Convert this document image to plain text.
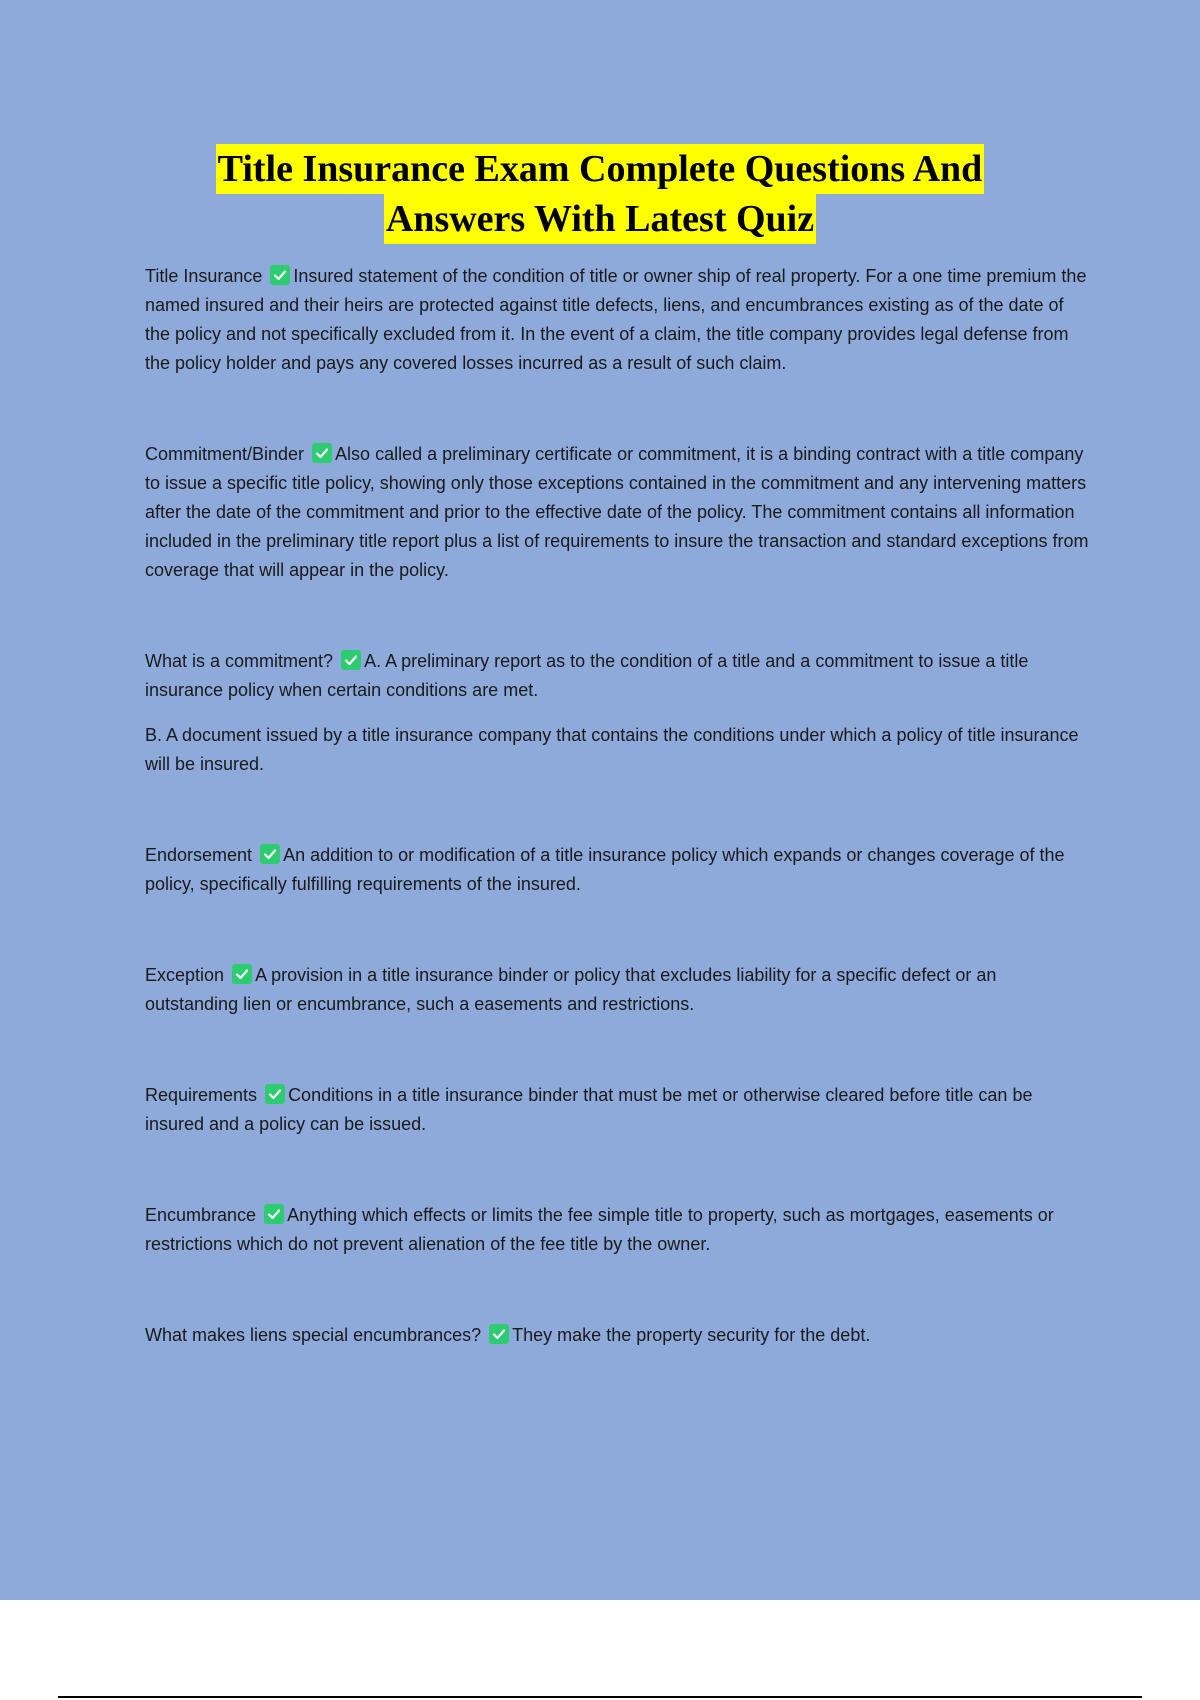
Title Insurance Exam Complete Questions And
Answers With Latest Quiz

Title Insurance Insured statement of the condition of title or owner ship of real property. For a one time premium the named insured and their heirs are protected against title defects, liens, and encumbrances existing as of the date of the policy and not specifically excluded from it. In the event of a claim, the title company provides legal defense from the policy holder and pays any covered losses incurred as a result of such claim.

Commitment/Binder Also called a preliminary certificate or commitment, it is a binding contract with a title company to issue a specific title policy, showing only those exceptions contained in the commitment and any intervening matters after the date of the commitment and prior to the effective date of the policy. The commitment contains all information included in the preliminary title report plus a list of requirements to insure the transaction and standard exceptions from coverage that will appear in the policy.

What is a commitment? A. A preliminary report as to the condition of a title and a commitment to issue a title insurance policy when certain conditions are met.

B. A document issued by a title insurance company that contains the conditions under which a policy of title insurance will be insured.

Endorsement An addition to or modification of a title insurance policy which expands or changes coverage of the policy, specifically fulfilling requirements of the insured.

Exception A provision in a title insurance binder or policy that excludes liability for a specific defect or an outstanding lien or encumbrance, such a easements and restrictions.

Requirements Conditions in a title insurance binder that must be met or otherwise cleared before title can be insured and a policy can be issued.

Encumbrance Anything which effects or limits the fee simple title to property, such as mortgages, easements or restrictions which do not prevent alienation of the fee title by the owner.

What makes liens special encumbrances? They make the property security for the debt.
